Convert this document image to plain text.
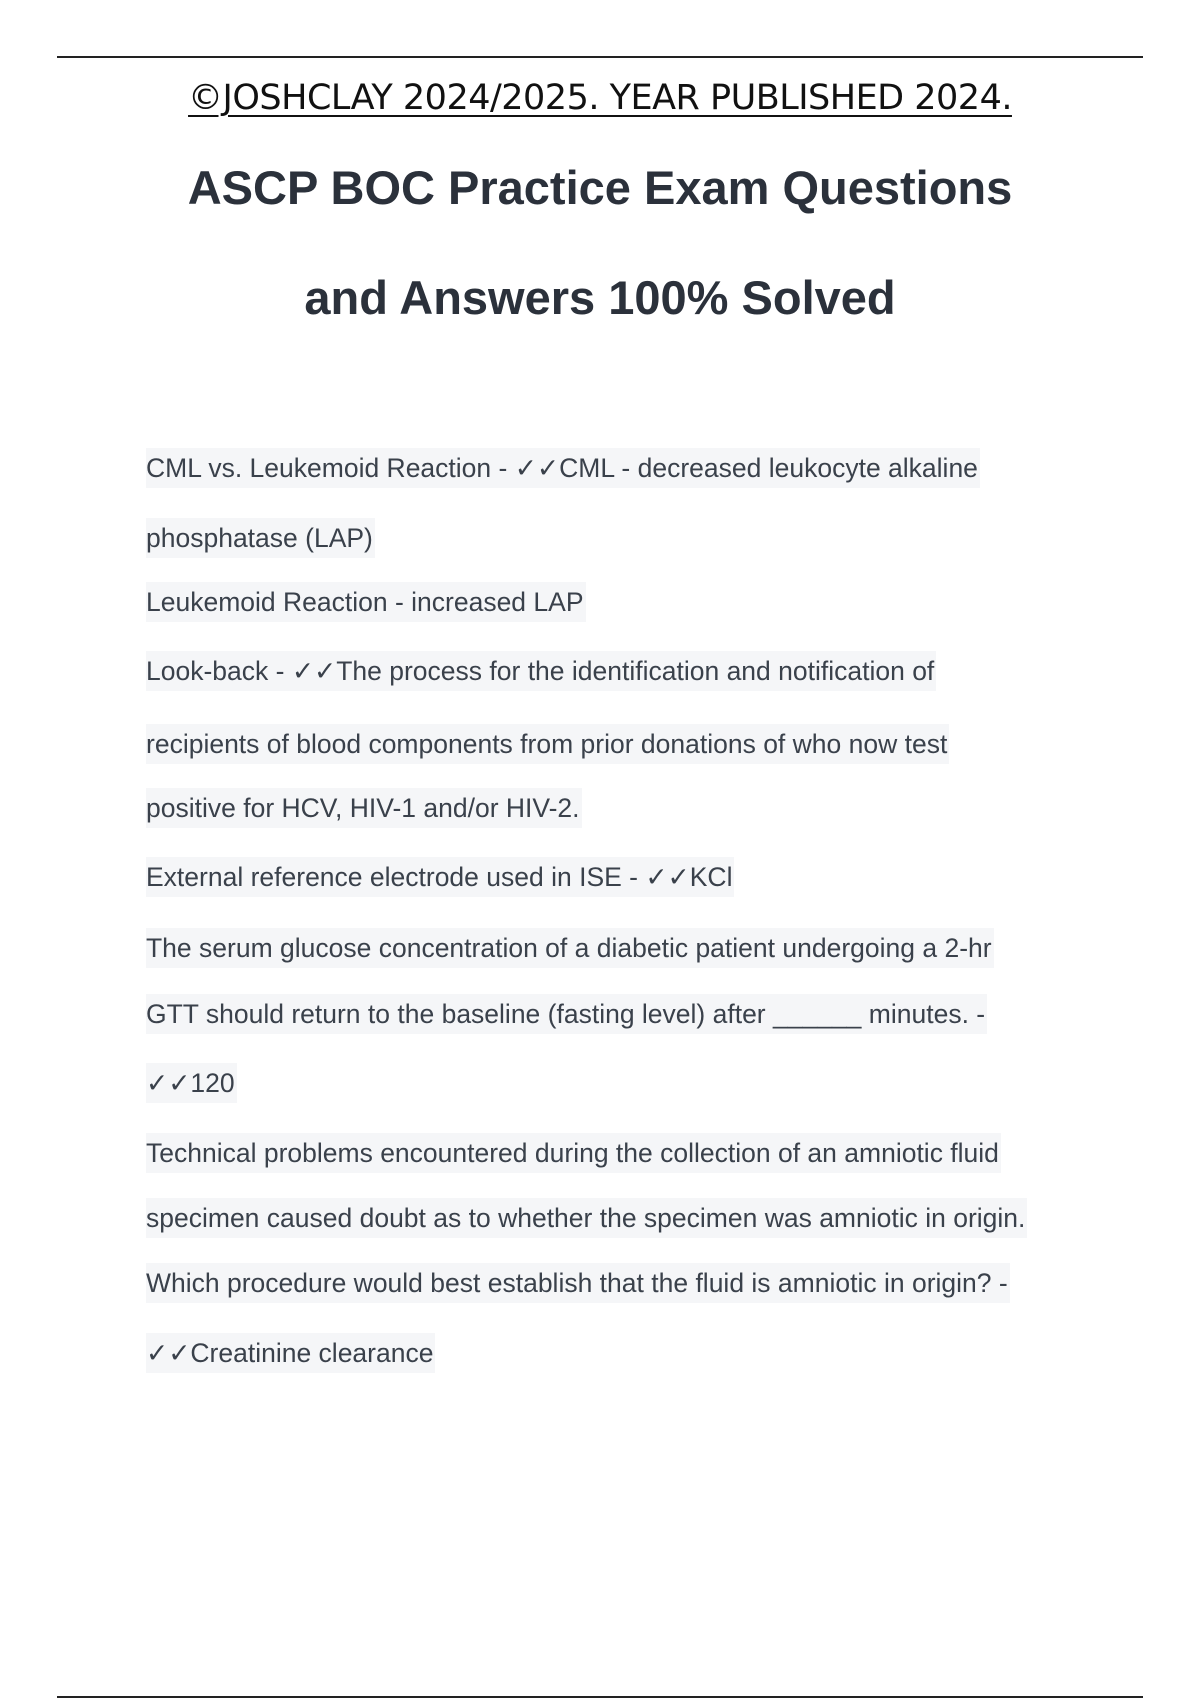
©JOSHCLAY 2024/2025. YEAR PUBLISHED 2024.
ASCP BOC Practice Exam Questions
and Answers 100% Solved
CML vs. Leukemoid Reaction - ✓✓CML - decreased leukocyte alkaline
phosphatase (LAP)
Leukemoid Reaction - increased LAP
Look-back - ✓✓The process for the identification and notification of
recipients of blood components from prior donations of who now test
positive for HCV, HIV-1 and/or HIV-2.
External reference electrode used in ISE - ✓✓KCl
The serum glucose concentration of a diabetic patient undergoing a 2-hr
GTT should return to the baseline (fasting level) after ______ minutes. -
✓✓120
Technical problems encountered during the collection of an amniotic fluid
specimen caused doubt as to whether the specimen was amniotic in origin.
Which procedure would best establish that the fluid is amniotic in origin? -
✓✓Creatinine clearance
